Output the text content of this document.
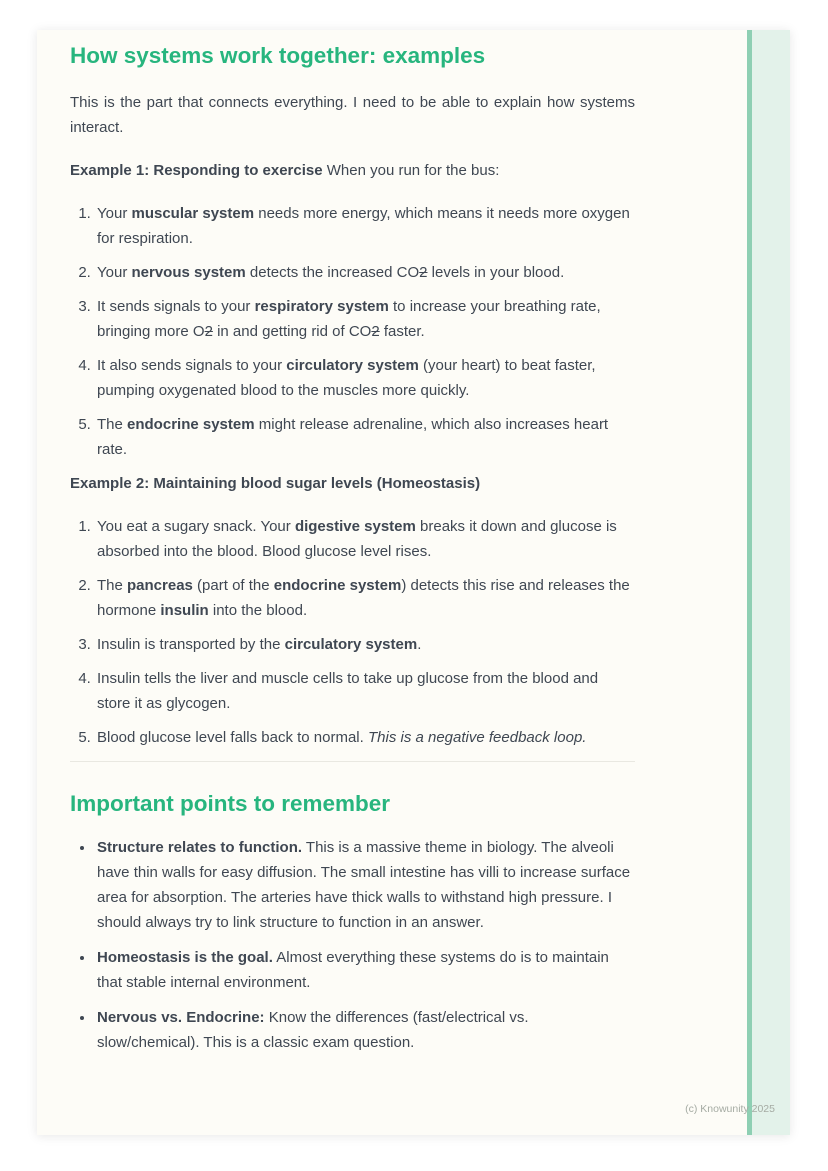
How systems work together: examples

This is the part that connects everything. I need to be able to explain how systems interact.

Example 1: Responding to exercise When you run for the bus:

1. Your muscular system needs more energy, which means it needs more oxygen for respiration.
2. Your nervous system detects the increased CO2 levels in your blood.
3. It sends signals to your respiratory system to increase your breathing rate, bringing more O2 in and getting rid of CO2 faster.
4. It also sends signals to your circulatory system (your heart) to beat faster, pumping oxygenated blood to the muscles more quickly.
5. The endocrine system might release adrenaline, which also increases heart rate.

Example 2: Maintaining blood sugar levels (Homeostasis)

1. You eat a sugary snack. Your digestive system breaks it down and glucose is absorbed into the blood. Blood glucose level rises.
2. The pancreas (part of the endocrine system) detects this rise and releases the hormone insulin into the blood.
3. Insulin is transported by the circulatory system.
4. Insulin tells the liver and muscle cells to take up glucose from the blood and store it as glycogen.
5. Blood glucose level falls back to normal. This is a negative feedback loop.
Important points to remember
• Structure relates to function. This is a massive theme in biology. The alveoli have thin walls for easy diffusion. The small intestine has villi to increase surface area for absorption. The arteries have thick walls to withstand high pressure. I should always try to link structure to function in an answer.
• Homeostasis is the goal. Almost everything these systems do is to maintain that stable internal environment.
• Nervous vs. Endocrine: Know the differences (fast/electrical vs. slow/chemical). This is a classic exam question.
(c) Knowunity 2025
